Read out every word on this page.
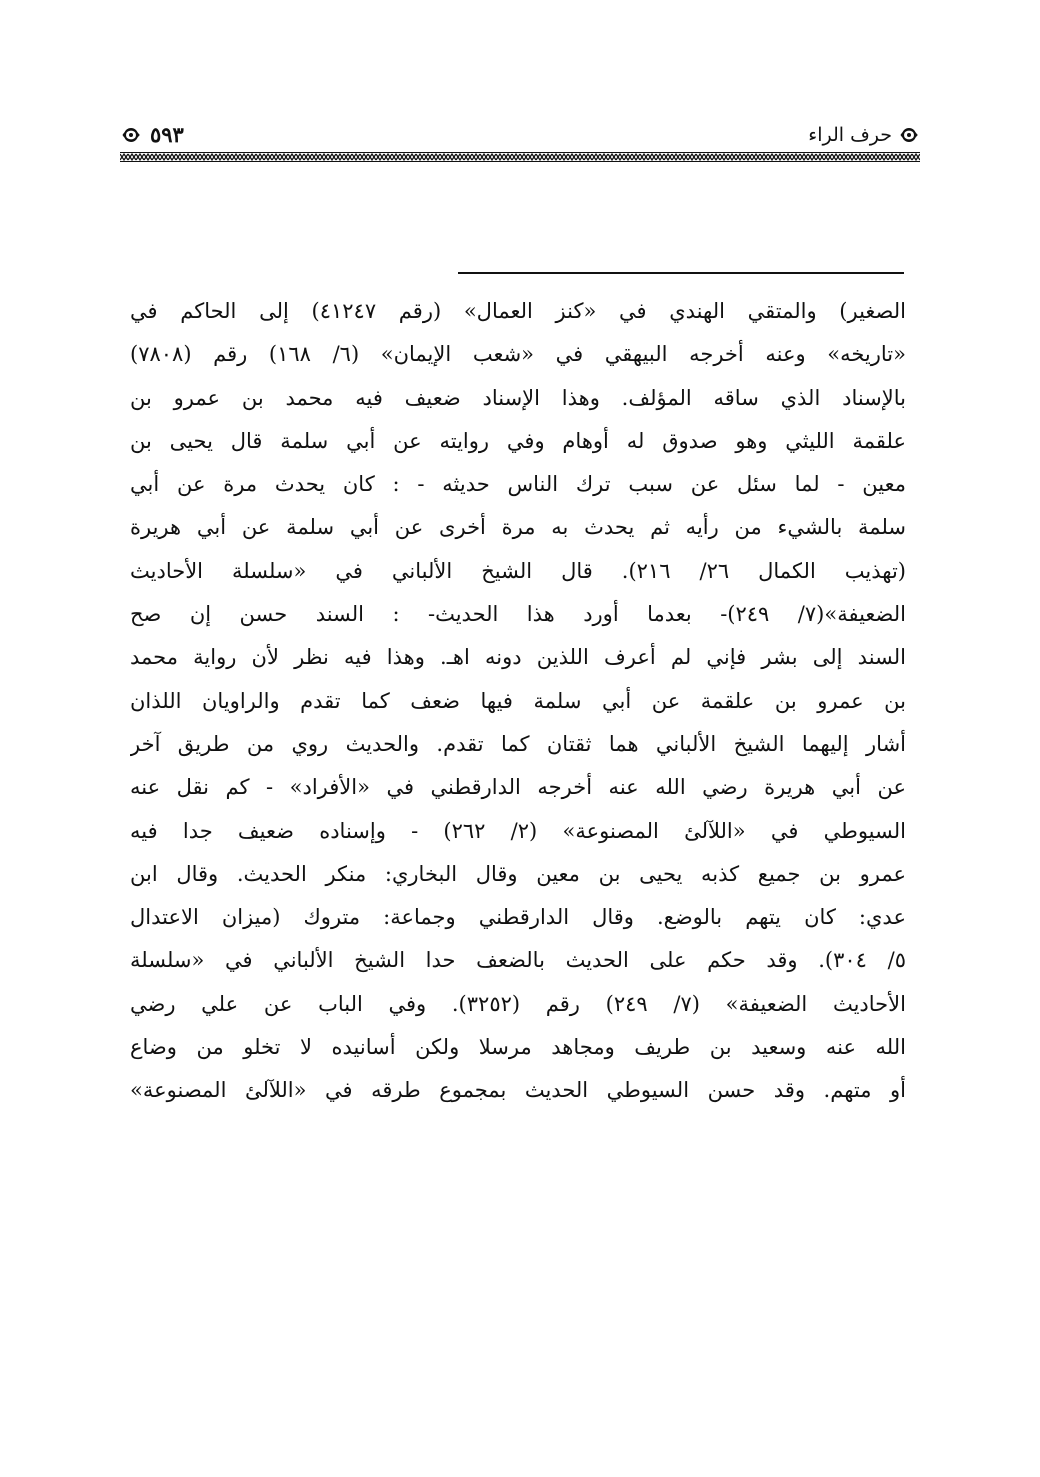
حرف الراء
٥٩٣
الصغير) والمتقي الهندي في «كنز العمال» (رقم ٤١٢٤٧) إلى الحاكم في
«تاريخه» وعنه أخرجه البيهقي في «شعب الإيمان» (٦/ ١٦٨) رقم (٧٨٠٨)
بالإسناد الذي ساقه المؤلف. وهذا الإسناد ضعيف فيه محمد بن عمرو بن
علقمة الليثي وهو صدوق له أوهام وفي روايته عن أبي سلمة قال يحيى بن
معين - لما سئل عن سبب ترك الناس حديثه - : كان يحدث مرة عن أبي
سلمة بالشيء من رأيه ثم يحدث به مرة أخرى عن أبي سلمة عن أبي هريرة
(تهذيب الكمال ٢٦/ ٢١٦). قال الشيخ الألباني في «سلسلة الأحاديث
الضعيفة»(٧/ ٢٤٩)- بعدما أورد هذا الحديث- : السند حسن إن صح
السند إلى بشر فإني لم أعرف اللذين دونه اهـ. وهذا فيه نظر لأن رواية محمد
بن عمرو بن علقمة عن أبي سلمة فيها ضعف كما تقدم والراويان اللذان
أشار إليهما الشيخ الألباني هما ثقتان كما تقدم. والحديث روي من طريق آخر
عن أبي هريرة رضي الله عنه أخرجه الدارقطني في «الأفراد» - كم نقل عنه
السيوطي في «اللآلئ المصنوعة» (٢/ ٢٦٢) - وإسناده ضعيف جدا فيه
عمرو بن جميع كذبه يحيى بن معين وقال البخاري: منكر الحديث. وقال ابن
عدي: كان يتهم بالوضع. وقال الدارقطني وجماعة: متروك (ميزان الاعتدال
٥/ ٣٠٤). وقد حكم على الحديث بالضعف حدا الشيخ الألباني في «سلسلة
الأحاديث الضعيفة» (٧/ ٢٤٩) رقم (٣٢٥٢). وفي الباب عن علي رضي
الله عنه وسعيد بن طريف ومجاهد مرسلا ولكن أسانيده لا تخلو من وضاع
أو متهم. وقد حسن السيوطي الحديث بمجموع طرقه في «اللآلئ المصنوعة»
